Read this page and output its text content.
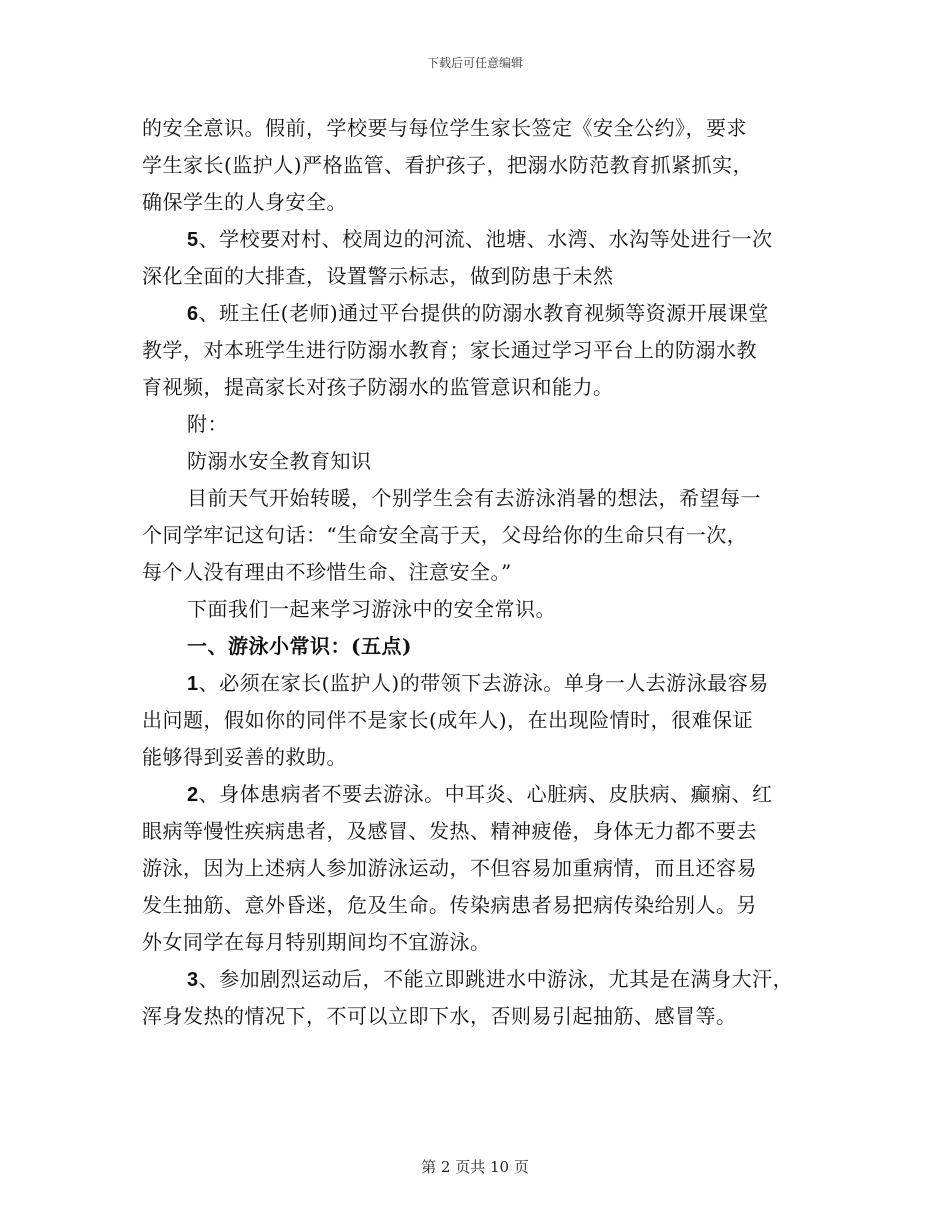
下载后可任意编辑
的安全意识。假前，学校要与每位学生家长签定《安全公约》，要求
学生家长(监护人)严格监管、看护孩子，把溺水防范教育抓紧抓实，
确保学生的人身安全。
5、学校要对村、校周边的河流、池塘、水湾、水沟等处进行一次
深化全面的大排查，设置警示标志，做到防患于未然
6、班主任(老师)通过平台提供的防溺水教育视频等资源开展课堂
教学，对本班学生进行防溺水教育；家长通过学习平台上的防溺水教
育视频，提高家长对孩子防溺水的监管意识和能力。
附：
防溺水安全教育知识
目前天气开始转暖，个别学生会有去游泳消暑的想法，希望每一
个同学牢记这句话：“生命安全高于天，父母给你的生命只有一次，
每个人没有理由不珍惜生命、注意安全。”
下面我们一起来学习游泳中的安全常识。
一、游泳小常识：(五点)
1、必须在家长(监护人)的带领下去游泳。单身一人去游泳最容易
出问题，假如你的同伴不是家长(成年人)，在出现险情时，很难保证
能够得到妥善的救助。
2、身体患病者不要去游泳。中耳炎、心脏病、皮肤病、癫痫、红
眼病等慢性疾病患者，及感冒、发热、精神疲倦，身体无力都不要去
游泳，因为上述病人参加游泳运动，不但容易加重病情，而且还容易
发生抽筋、意外昏迷，危及生命。传染病患者易把病传染给别人。另
外女同学在每月特别期间均不宜游泳。
3、参加剧烈运动后，不能立即跳进水中游泳，尤其是在满身大汗，
浑身发热的情况下，不可以立即下水，否则易引起抽筋、感冒等。
第 2 页共 10 页
